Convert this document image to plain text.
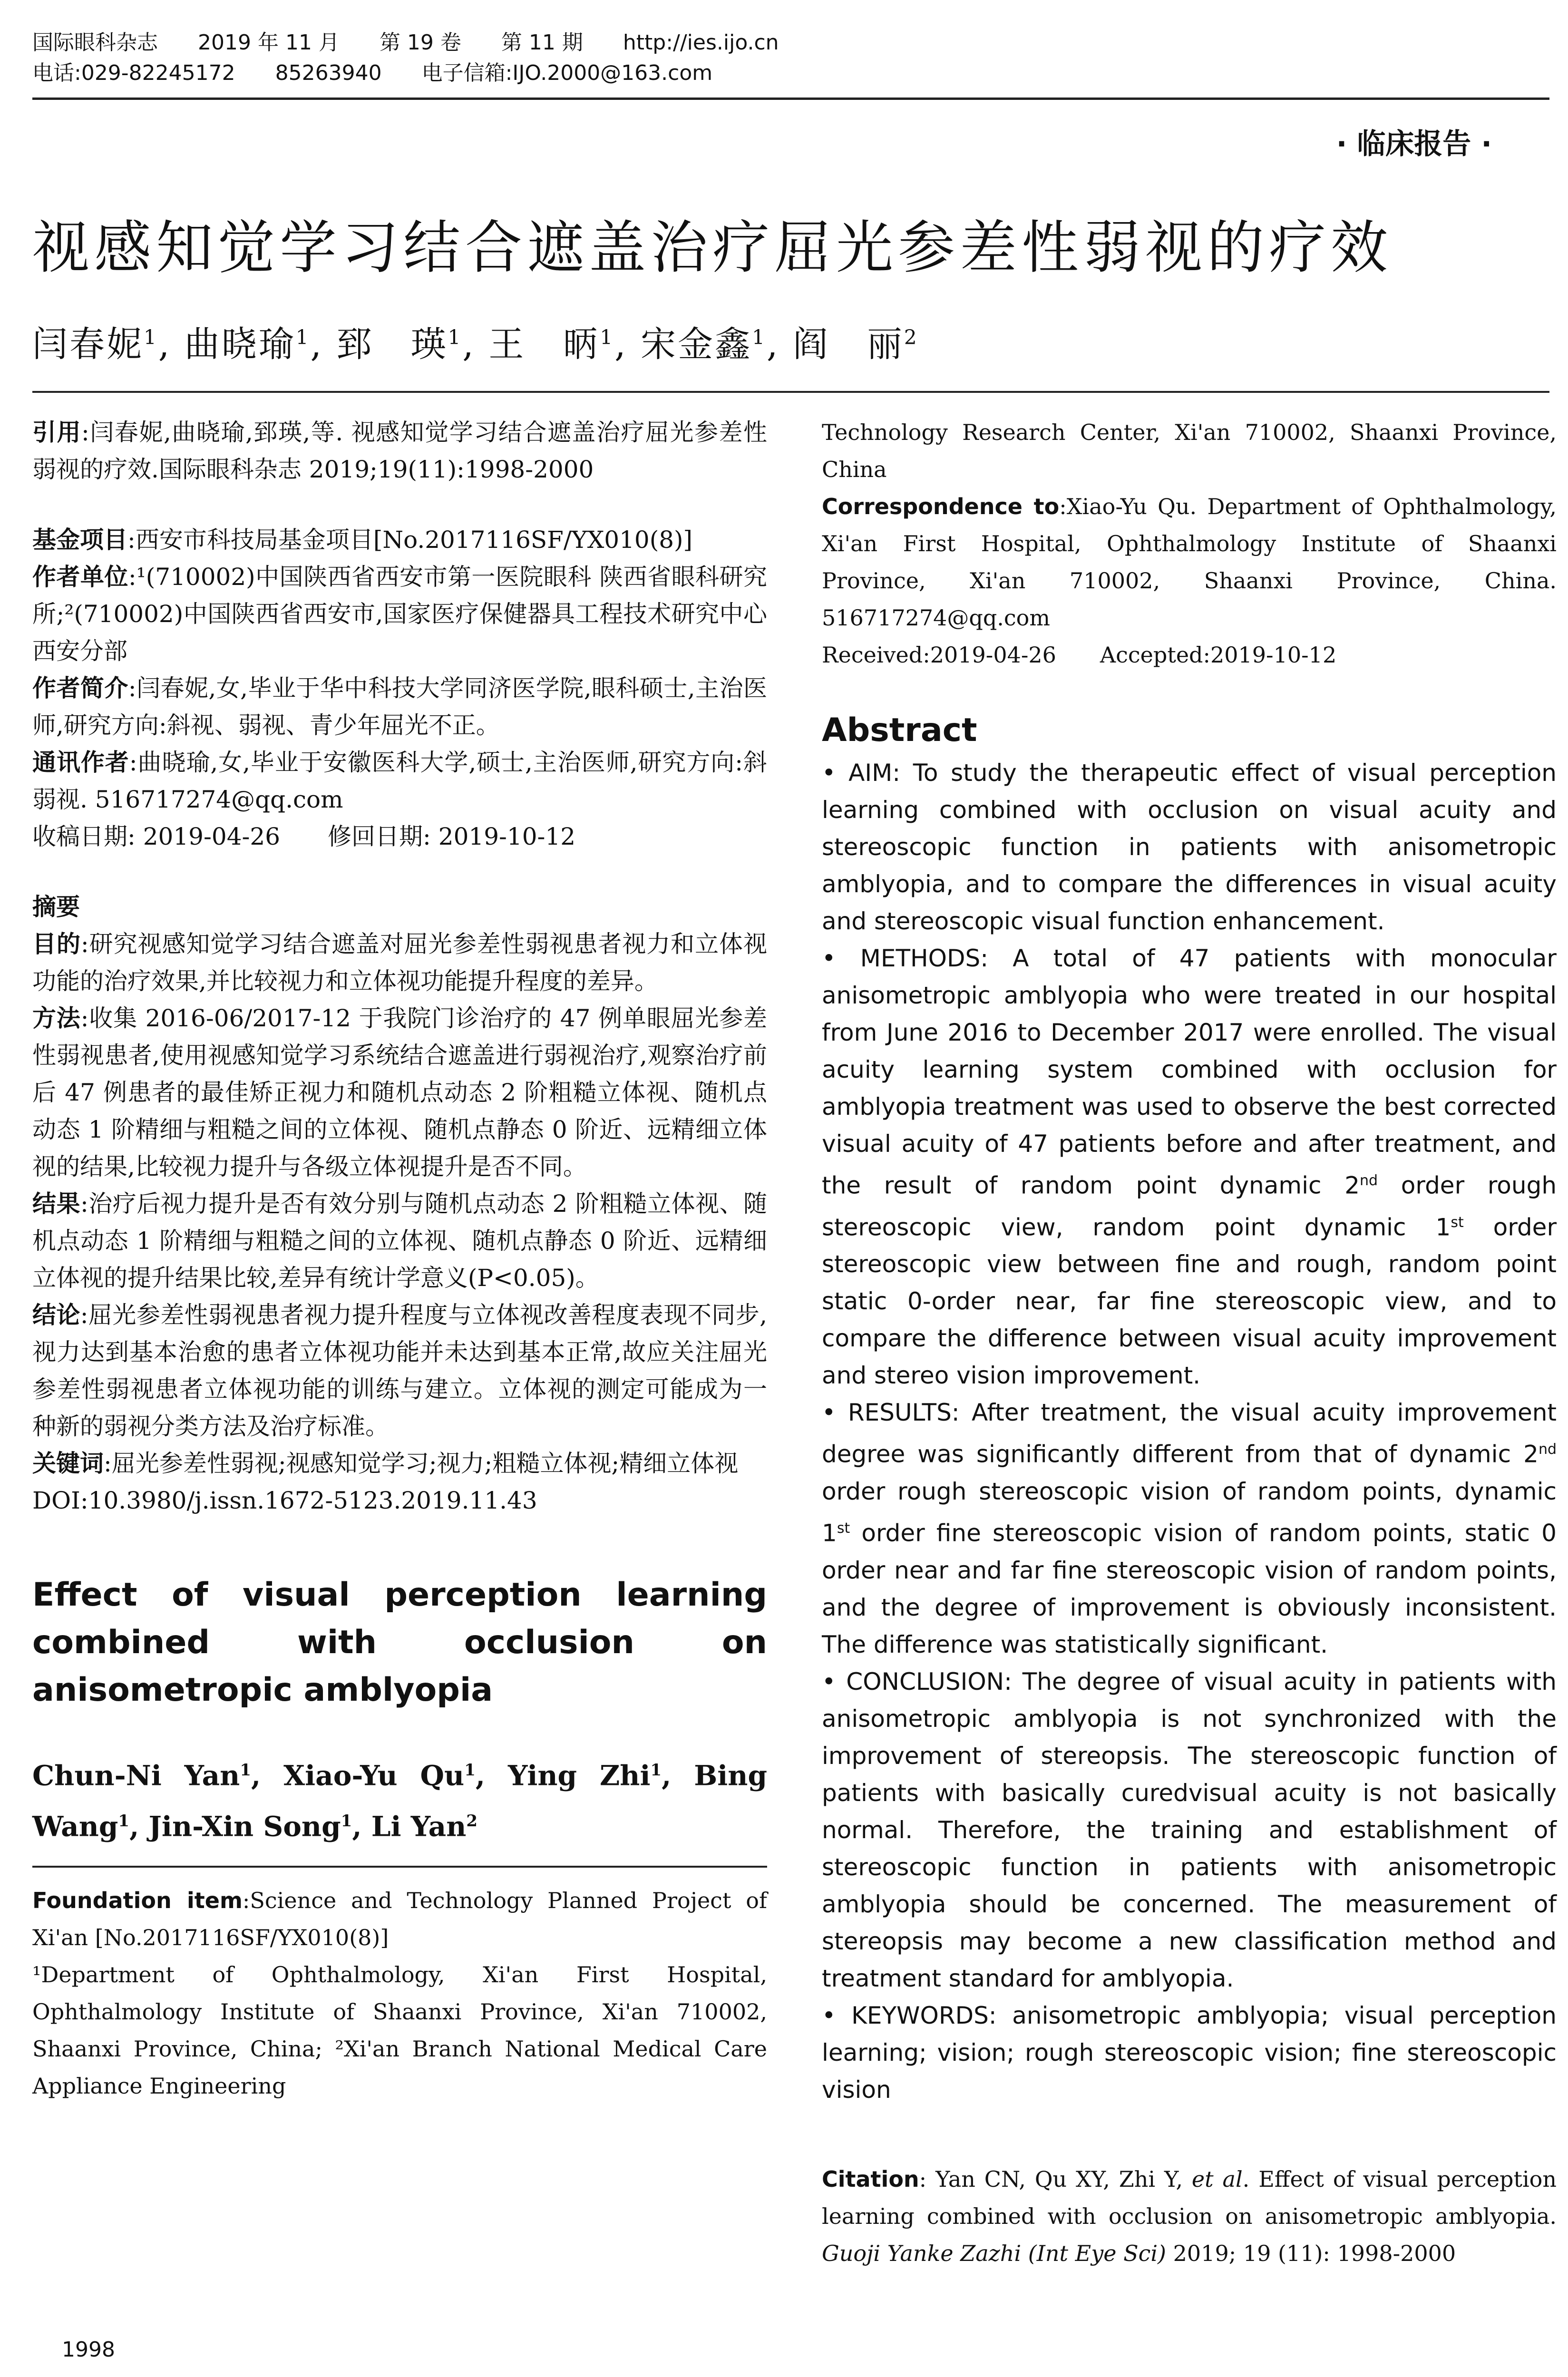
国际眼科杂志 2019 年 11 月 第 19 卷 第 11 期 http://ies.ijo.cn
电话:029-82245172 85263940 电子信箱:IJO.2000@163.com
· 临床报告 ·
视感知觉学习结合遮盖治疗屈光参差性弱视的疗效
闫春妮$^1$, 曲晓瑜$^1$, 郅　瑛$^1$, 王　昞$^1$, 宋金鑫$^1$, 阎　丽$^2$

引用:闫春妮,曲晓瑜,郅瑛,等. 视感知觉学习结合遮盖治疗屈光参差性弱视的疗效.国际眼科杂志 2019;19(11):1998-2000

基金项目:西安市科技局基金项目[No.2017116SF/YX010(8)]

作者单位:¹(710002)中国陕西省西安市第一医院眼科 陕西省眼科研究所;²(710002)中国陕西省西安市,国家医疗保健器具工程技术研究中心西安分部

作者简介:闫春妮,女,毕业于华中科技大学同济医学院,眼科硕士,主治医师,研究方向:斜视、弱视、青少年屈光不正。

通讯作者:曲晓瑜,女,毕业于安徽医科大学,硕士,主治医师,研究方向:斜弱视. 516717274@qq.com

收稿日期: 2019-04-26　　修回日期: 2019-10-12

摘要

目的:研究视感知觉学习结合遮盖对屈光参差性弱视患者视力和立体视功能的治疗效果,并比较视力和立体视功能提升程度的差异。

方法:收集 2016-06/2017-12 于我院门诊治疗的 47 例单眼屈光参差性弱视患者,使用视感知觉学习系统结合遮盖进行弱视治疗,观察治疗前后 47 例患者的最佳矫正视力和随机点动态 2 阶粗糙立体视、随机点动态 1 阶精细与粗糙之间的立体视、随机点静态 0 阶近、远精细立体视的结果,比较视力提升与各级立体视提升是否不同。

结果:治疗后视力提升是否有效分别与随机点动态 2 阶粗糙立体视、随机点动态 1 阶精细与粗糙之间的立体视、随机点静态 0 阶近、远精细立体视的提升结果比较,差异有统计学意义(P<0.05)。

结论:屈光参差性弱视患者视力提升程度与立体视改善程度表现不同步,视力达到基本治愈的患者立体视功能并未达到基本正常,故应关注屈光参差性弱视患者立体视功能的训练与建立。立体视的测定可能成为一种新的弱视分类方法及治疗标准。

关键词:屈光参差性弱视;视感知觉学习;视力;粗糙立体视;精细立体视

DOI:10.3980/j.issn.1672-5123.2019.11.43

Effect of visual perception learning combined with occlusion on anisometropic amblyopia

Chun-Ni Yan$^1$, Xiao-Yu Qu$^1$, Ying Zhi$^1$, Bing Wang$^1$, Jin-Xin Song$^1$, Li Yan$^2$

Foundation item:Science and Technology Planned Project of Xi'an [No.2017116SF/YX010(8)]

¹Department of Ophthalmology, Xi'an First Hospital, Ophthalmology Institute of Shaanxi Province, Xi'an 710002, Shaanxi Province, China; ²Xi'an Branch National Medical Care Appliance Engineering

Technology Research Center, Xi'an 710002, Shaanxi Province, China

Correspondence to:Xiao-Yu Qu. Department of Ophthalmology, Xi'an First Hospital, Ophthalmology Institute of Shaanxi Province, Xi'an 710002, Shaanxi Province, China. 516717274@qq.com

Received:2019-04-26　　Accepted:2019-10-12

Abstract

• AIM: To study the therapeutic effect of visual perception learning combined with occlusion on visual acuity and stereoscopic function in patients with anisometropic amblyopia, and to compare the differences in visual acuity and stereoscopic visual function enhancement.

• METHODS: A total of 47 patients with monocular anisometropic amblyopia who were treated in our hospital from June 2016 to December 2017 were enrolled. The visual acuity learning system combined with occlusion for amblyopia treatment was used to observe the best corrected visual acuity of 47 patients before and after treatment, and the result of random point dynamic 2nd order rough stereoscopic view, random point dynamic 1st order stereoscopic view between fine and rough, random point static 0-order near, far fine stereoscopic view, and to compare the difference between visual acuity improvement and stereo vision improvement.

• RESULTS: After treatment, the visual acuity improvement degree was significantly different from that of dynamic 2nd order rough stereoscopic vision of random points, dynamic 1st order fine stereoscopic vision of random points, static 0 order near and far fine stereoscopic vision of random points, and the degree of improvement is obviously inconsistent. The difference was statistically significant.

• CONCLUSION: The degree of visual acuity in patients with anisometropic amblyopia is not synchronized with the improvement of stereopsis. The stereoscopic function of patients with basically curedvisual acuity is not basically normal. Therefore, the training and establishment of stereoscopic function in patients with anisometropic amblyopia should be concerned. The measurement of stereopsis may become a new classification method and treatment standard for amblyopia.

• KEYWORDS: anisometropic amblyopia; visual perception learning; vision; rough stereoscopic vision; fine stereoscopic vision

Citation: Yan CN, Qu XY, Zhi Y, et al. Effect of visual perception learning combined with occlusion on anisometropic amblyopia. Guoji Yanke Zazhi (Int Eye Sci) 2019; 19 (11): 1998-2000

1998
